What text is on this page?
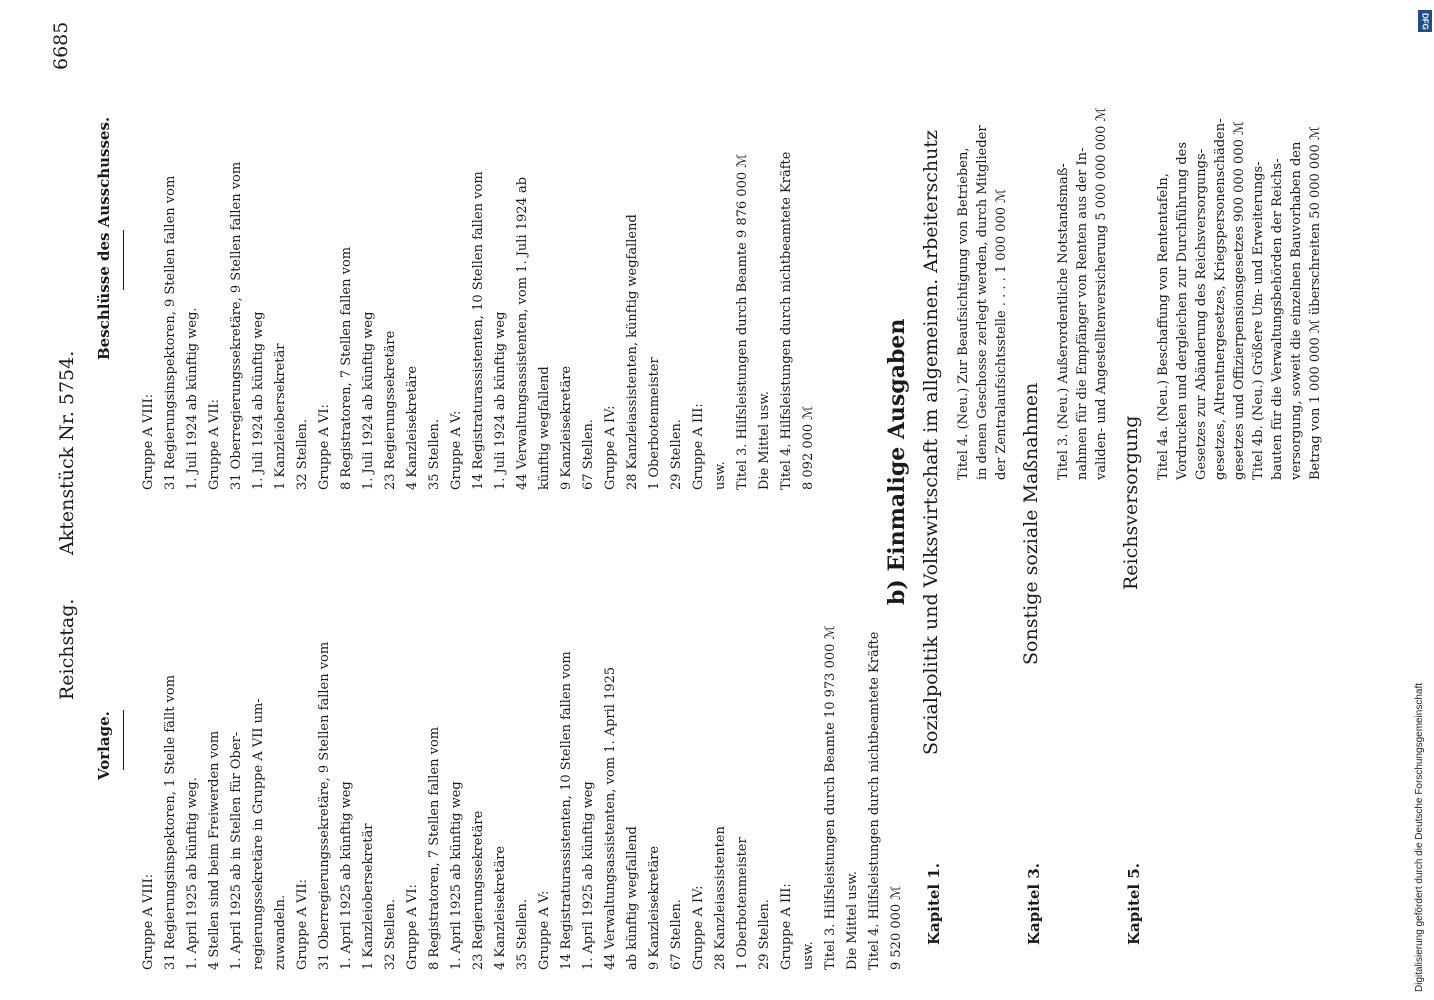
Reichstag.
Aktenstück Nr. 5754.
6685
Vorlage.
Gruppe A VIII: 31 Regierungsinspektoren, 1 Stelle fällt vom 1. April 1925 ab künftig weg. 4 Stellen sind beim Freiwerden vom 1. April 1925 ab in Stellen für Ober- regierungssekretäre in Gruppe A VII um- zuwandeln. Gruppe A VII: 31 Oberregierungssekretäre, 9 Stellen fallen vom 1. April 1925 ab künftig weg 1 Kanzleiobersekretär 32 Stellen. Gruppe A VI: 8 Registratoren, 7 Stellen fallen vom 1. April 1925 ab künftig weg 23 Regierungssekretäre 4 Kanzleisekretäre 35 Stellen. Gruppe A V: 14 Registraturassistenten, 10 Stellen fallen vom 1. April 1925 ab künftig weg 44 Verwaltungsassistenten, vom 1. April 1925 ab künftig wegfallend 9 Kanzleisekretäre 67 Stellen. Gruppe A IV: 28 Kanzleiassistenten 1 Oberbotenmeister 29 Stellen. Gruppe A III: usw. Titel 3. Hilfsleistungen durch Beamte 10 973 000 ℳ Die Mittel usw. Titel 4. Hilfsleistungen durch nichtbeamtete Kräfte 9 520 000 ℳ
Beschlüsse des Ausschusses.
Gruppe A VIII: 31 Regierungsinspektoren, 9 Stellen fallen vom 1. Juli 1924 ab künftig weg. Gruppe A VII: 31 Oberregierungssekretäre, 9 Stellen fallen vom 1. Juli 1924 ab künftig weg 1 Kanzleiobersekretär 32 Stellen. Gruppe A VI: 8 Registratoren, 7 Stellen fallen vom 1. Juli 1924 ab künftig weg 23 Regierungssekretäre 4 Kanzleisekretäre 35 Stellen. Gruppe A V: 14 Registraturassistenten, 10 Stellen fallen vom 1. Juli 1924 ab künftig weg 44 Verwaltungsassistenten, vom 1. Juli 1924 ab künftig wegfallend 9 Kanzleisekretäre 67 Stellen. Gruppe A IV: 28 Kanzleiassistenten, künftig wegfallend 1 Oberbotenmeister 29 Stellen. Gruppe A III: usw. Titel 3. Hilfsleistungen durch Beamte 9 876 000 ℳ Die Mittel usw. Titel 4. Hilfsleistungen durch nichtbeamtete Kräfte 8 092 000 ℳ	b) Einmalige Ausgaben
Kapitel 1.
Sozialpolitik und Volkswirtschaft im allgemeinen. Arbeiterschutz Titel 4. (Neu.) Zur Beaufsichtigung von Betrieben, in denen Geschosse zerlegt werden, durch Mitglieder der Zentralaufsichtsstelle . . . . 1 000 000 ℳ
Kapitel 3.
Sonstige soziale Maßnahmen
Titel 3. (Neu.) Außerordentliche Notstandsmaß- nahmen für die Empfänger von Renten aus der In- validen- und Angestelltenversicherung 5 000 000 000 ℳ
Kapitel 5.
Reichsversorgung
Titel 4a. (Neu.) Beschaffung von Rententafeln, Vordrucken und dergleichen zur Durchführung des Gesetzes zur Abänderung des Reichsversorgungs- gesetzes, Altrentnergesetzes, Kriegspersonenschäden- gesetzes und Offizierpensionsgesetzes 900 000 000 ℳ Titel 4b. (Neu.) Größere Um- und Erweiterungs- bauten für die Verwaltungsbehörden der Reichs- versorgung, soweit die einzelnen Bauvorhaben den Betrag von 1 000 000 ℳ überschreiten 50 000 000 ℳ
DFG
Digitalisierung gefördert durch die Deutsche Forschungsgemeinschaft
